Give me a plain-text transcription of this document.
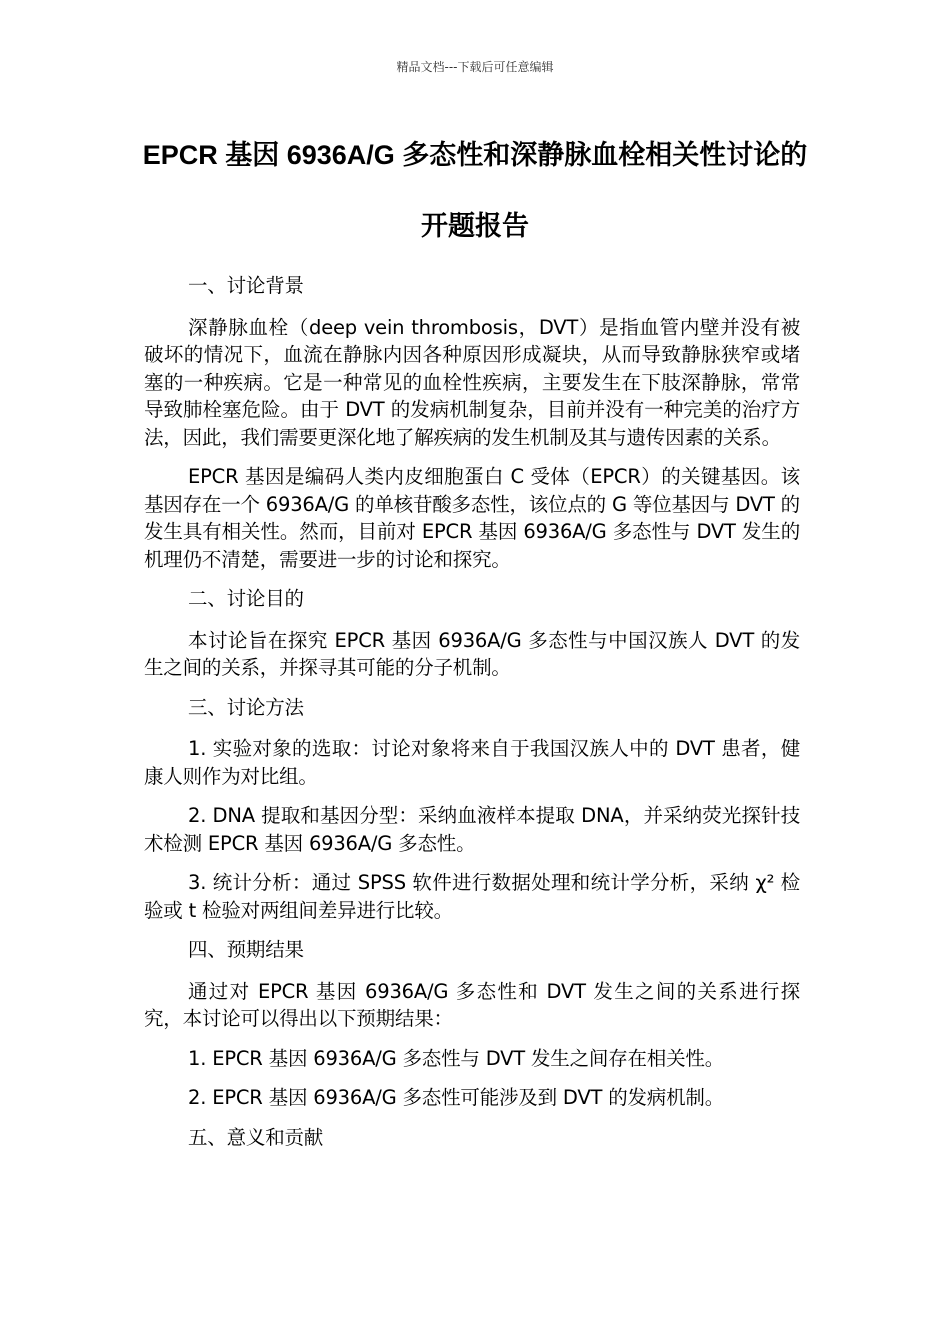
精品文档---下载后可任意编辑
EPCR 基因 6936A/G 多态性和深静脉血栓相关性讨论的开题报告

一、讨论背景

深静脉血栓（deep vein thrombosis，DVT）是指血管内壁并没有被破坏的情况下，血流在静脉内因各种原因形成凝块，从而导致静脉狭窄或堵塞的一种疾病。它是一种常见的血栓性疾病，主要发生在下肢深静脉，常常导致肺栓塞危险。由于 DVT 的发病机制复杂，目前并没有一种完美的治疗方法，因此，我们需要更深化地了解疾病的发生机制及其与遗传因素的关系。

EPCR 基因是编码人类内皮细胞蛋白 C 受体（EPCR）的关键基因。该基因存在一个 6936A/G 的单核苷酸多态性，该位点的 G 等位基因与 DVT 的发生具有相关性。然而，目前对 EPCR 基因 6936A/G 多态性与 DVT 发生的机理仍不清楚，需要进一步的讨论和探究。

二、讨论目的

本讨论旨在探究 EPCR 基因 6936A/G 多态性与中国汉族人 DVT 的发生之间的关系，并探寻其可能的分子机制。

三、讨论方法

1. 实验对象的选取：讨论对象将来自于我国汉族人中的 DVT 患者，健康人则作为对比组。

2. DNA 提取和基因分型：采纳血液样本提取 DNA，并采纳荧光探针技术检测 EPCR 基因 6936A/G 多态性。

3. 统计分析：通过 SPSS 软件进行数据处理和统计学分析，采纳 χ² 检验或 t 检验对两组间差异进行比较。

四、预期结果

通过对 EPCR 基因 6936A/G 多态性和 DVT 发生之间的关系进行探究，本讨论可以得出以下预期结果：

1. EPCR 基因 6936A/G 多态性与 DVT 发生之间存在相关性。

2. EPCR 基因 6936A/G 多态性可能涉及到 DVT 的发病机制。

五、意义和贡献
